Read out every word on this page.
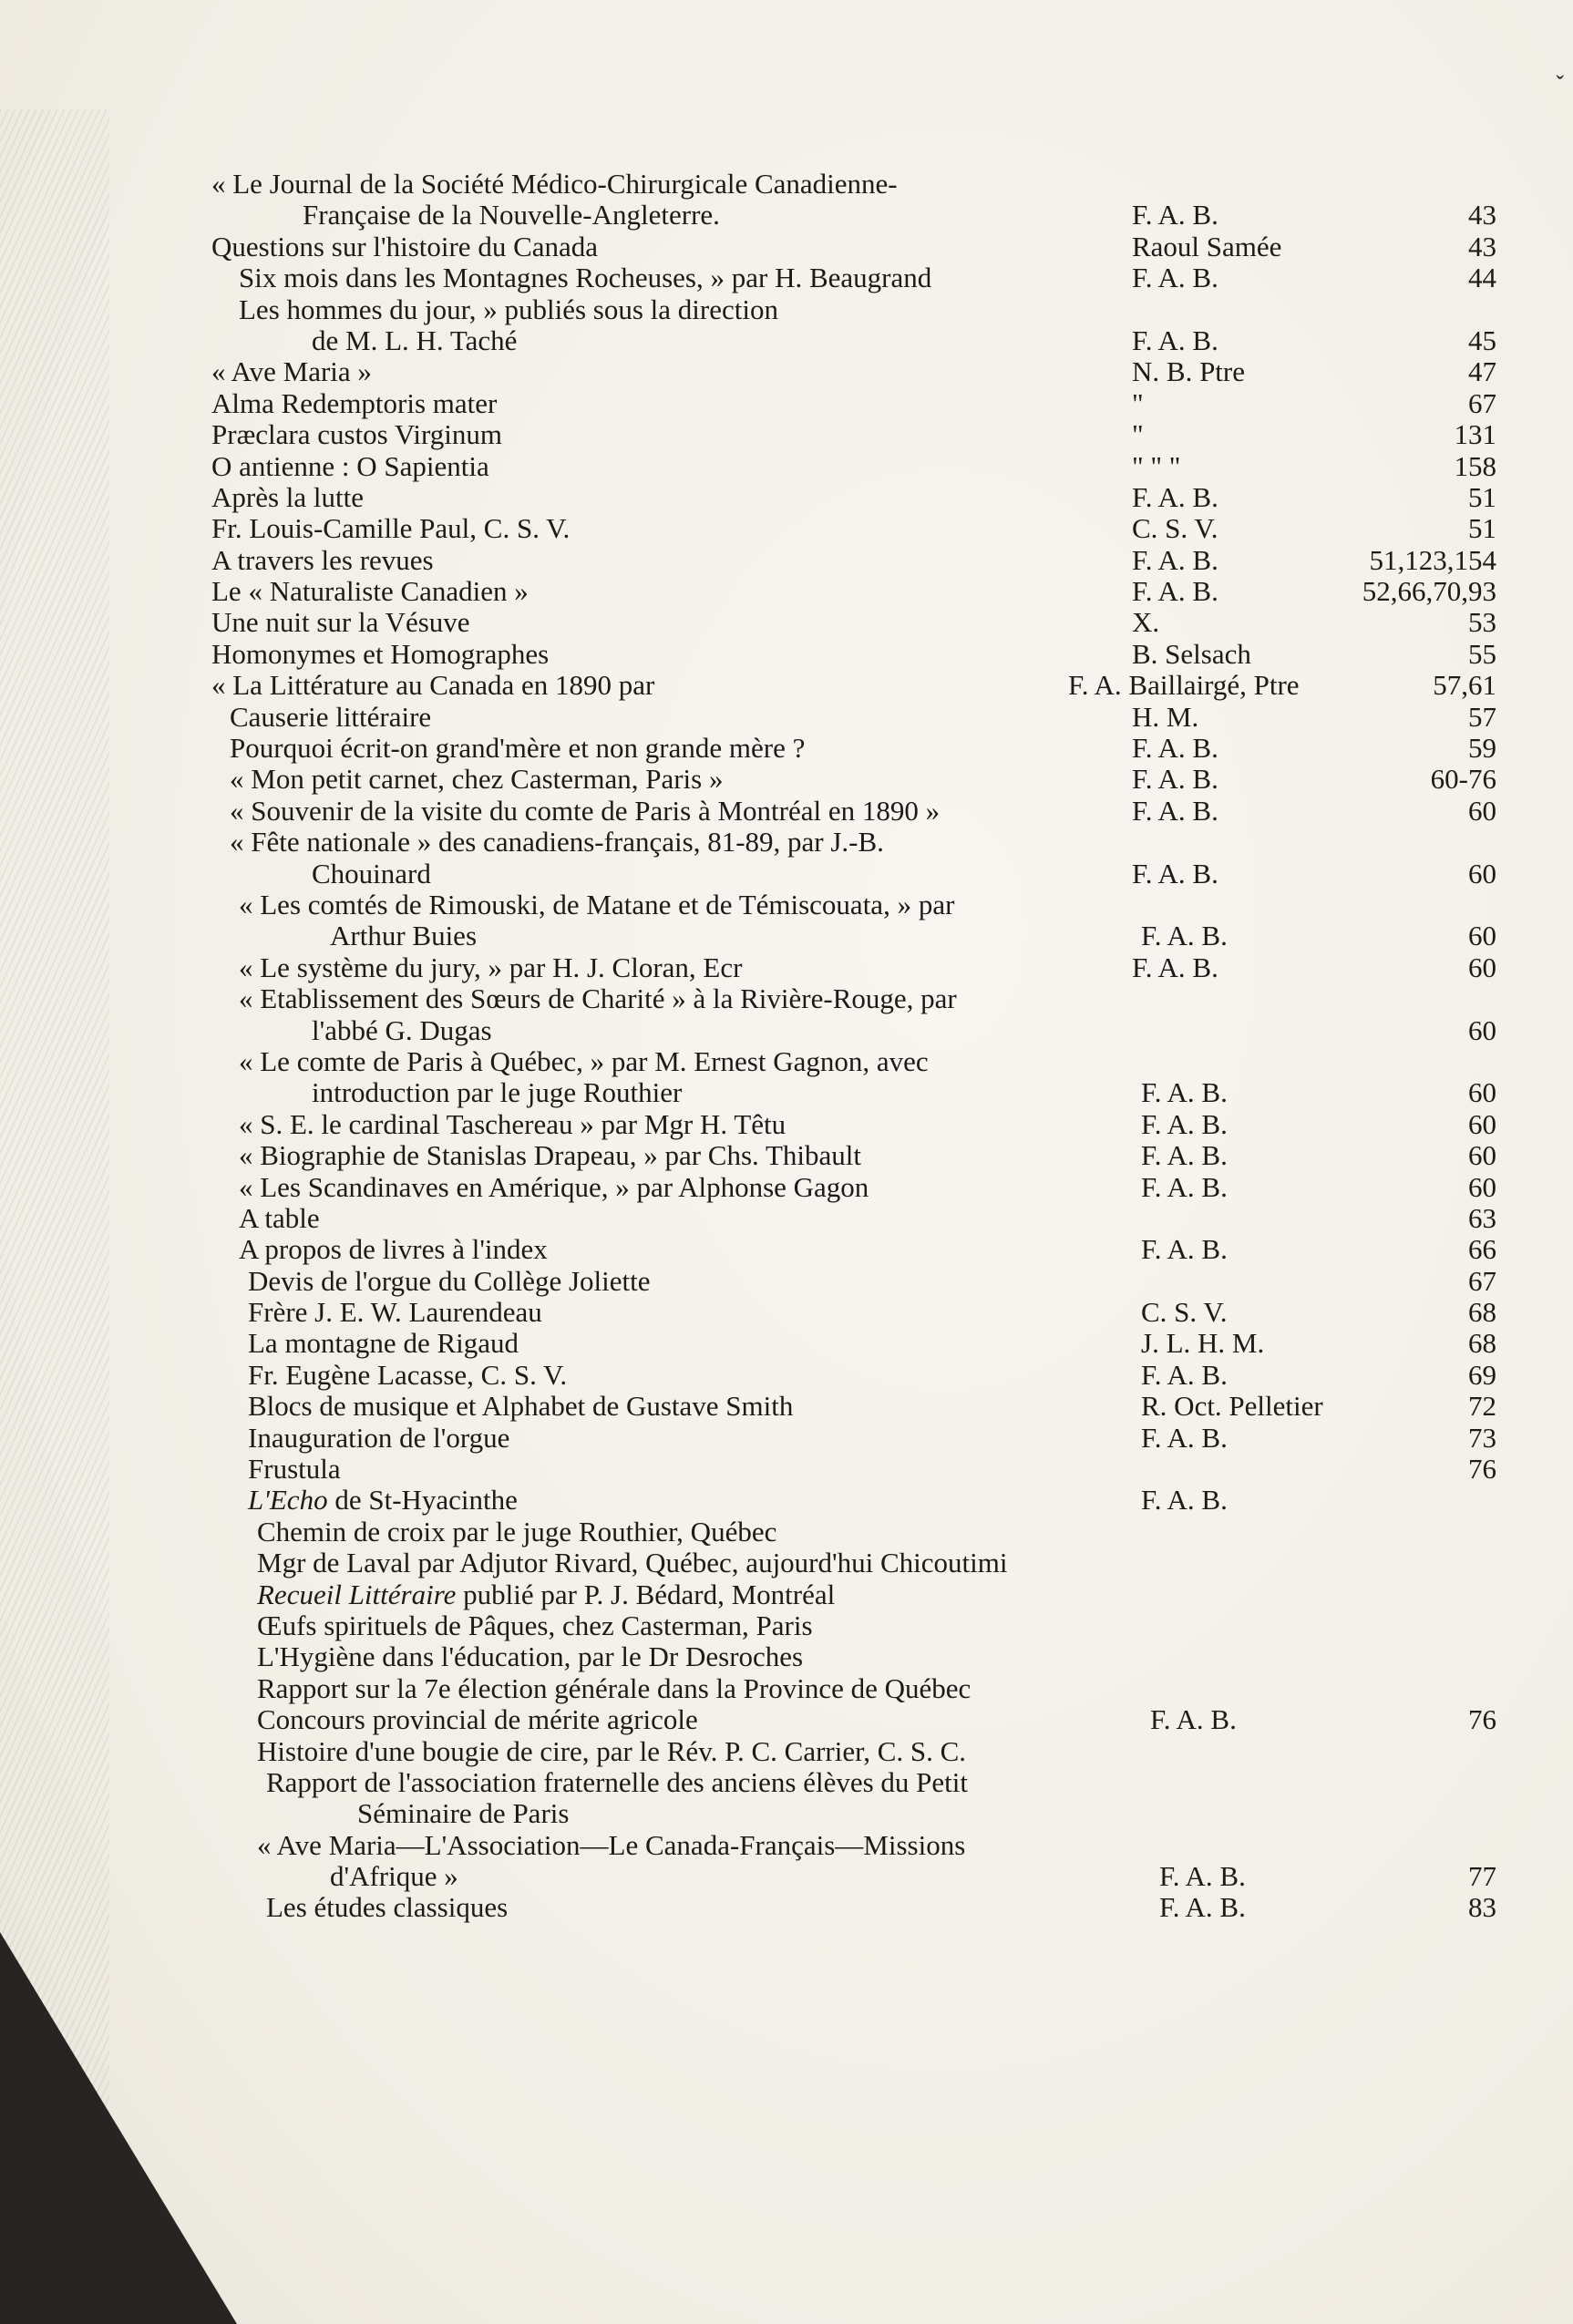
ˇ
« Le Journal de la Société Médico-Chirurgicale Canadienne-
Française de la Nouvelle-Angleterre.	F. A. B.	43
Questions sur l'histoire du Canada	Raoul Samée	43
Six mois dans les Montagnes Rocheuses, » par H. Beaugrand	F. A. B.	44
Les hommes du jour, » publiés sous la direction
de M. L. H. Taché	F. A. B.	45
« Ave Maria »	N. B. Ptre	47
Alma Redemptoris mater	"	67
Præclara custos Virginum	"	131
O antienne : O Sapientia	" " "	158
Après la lutte	F. A. B.	51
Fr. Louis-Camille Paul, C. S. V.	C. S. V.	51
A travers les revues	F. A. B.	51,123,154
Le « Naturaliste Canadien »	F. A. B.	52,66,70,93
Une nuit sur la Vésuve	X.	53
Homonymes et Homographes	B. Selsach	55
« La Littérature au Canada en 1890 par	F. A. Baillairgé, Ptre	57,61
Causerie littéraire	H. M.	57
Pourquoi écrit-on grand'mère et non grande mère ?	F. A. B.	59
« Mon petit carnet, chez Casterman, Paris »	F. A. B.	60-76
« Souvenir de la visite du comte de Paris à Montréal en 1890 »	F. A. B.	60
« Fête nationale » des canadiens-français, 81-89, par J.-B.
Chouinard	F. A. B.	60
« Les comtés de Rimouski, de Matane et de Témiscouata, » par
Arthur Buies	F. A. B.	60
« Le système du jury, » par H. J. Cloran, Ecr	F. A. B.	60
« Etablissement des Sœurs de Charité » à la Rivière-Rouge, par
l'abbé G. Dugas	60
« Le comte de Paris à Québec, » par M. Ernest Gagnon, avec
introduction par le juge Routhier	F. A. B.	60
« S. E. le cardinal Taschereau » par Mgr H. Têtu	F. A. B.	60
« Biographie de Stanislas Drapeau, » par Chs. Thibault	F. A. B.	60
« Les Scandinaves en Amérique, » par Alphonse Gagon	F. A. B.	60
A table	63
A propos de livres à l'index	F. A. B.	66
Devis de l'orgue du Collège Joliette	67
Frère J. E. W. Laurendeau	C. S. V.	68
La montagne de Rigaud	J. L. H. M.	68
Fr. Eugène Lacasse, C. S. V.	F. A. B.	69
Blocs de musique et Alphabet de Gustave Smith	R. Oct. Pelletier	72
Inauguration de l'orgue	F. A. B.	73
Frustula	76
L'Echo de St-Hyacinthe	F. A. B.
Chemin de croix par le juge Routhier, Québec
Mgr de Laval par Adjutor Rivard, Québec, aujourd'hui Chicoutimi
Recueil Littéraire publié par P. J. Bédard, Montréal
Œufs spirituels de Pâques, chez Casterman, Paris
L'Hygiène dans l'éducation, par le Dr Desroches
Rapport sur la 7e élection générale dans la Province de Québec
Concours provincial de mérite agricole	F. A. B.	76
Histoire d'une bougie de cire, par le Rév. P. C. Carrier, C. S. C.
Rapport de l'association fraternelle des anciens élèves du Petit
Séminaire de Paris
« Ave Maria—L'Association—Le Canada-Français—Missions
d'Afrique »	F. A. B.	77
Les études classiques	F. A. B.	83
